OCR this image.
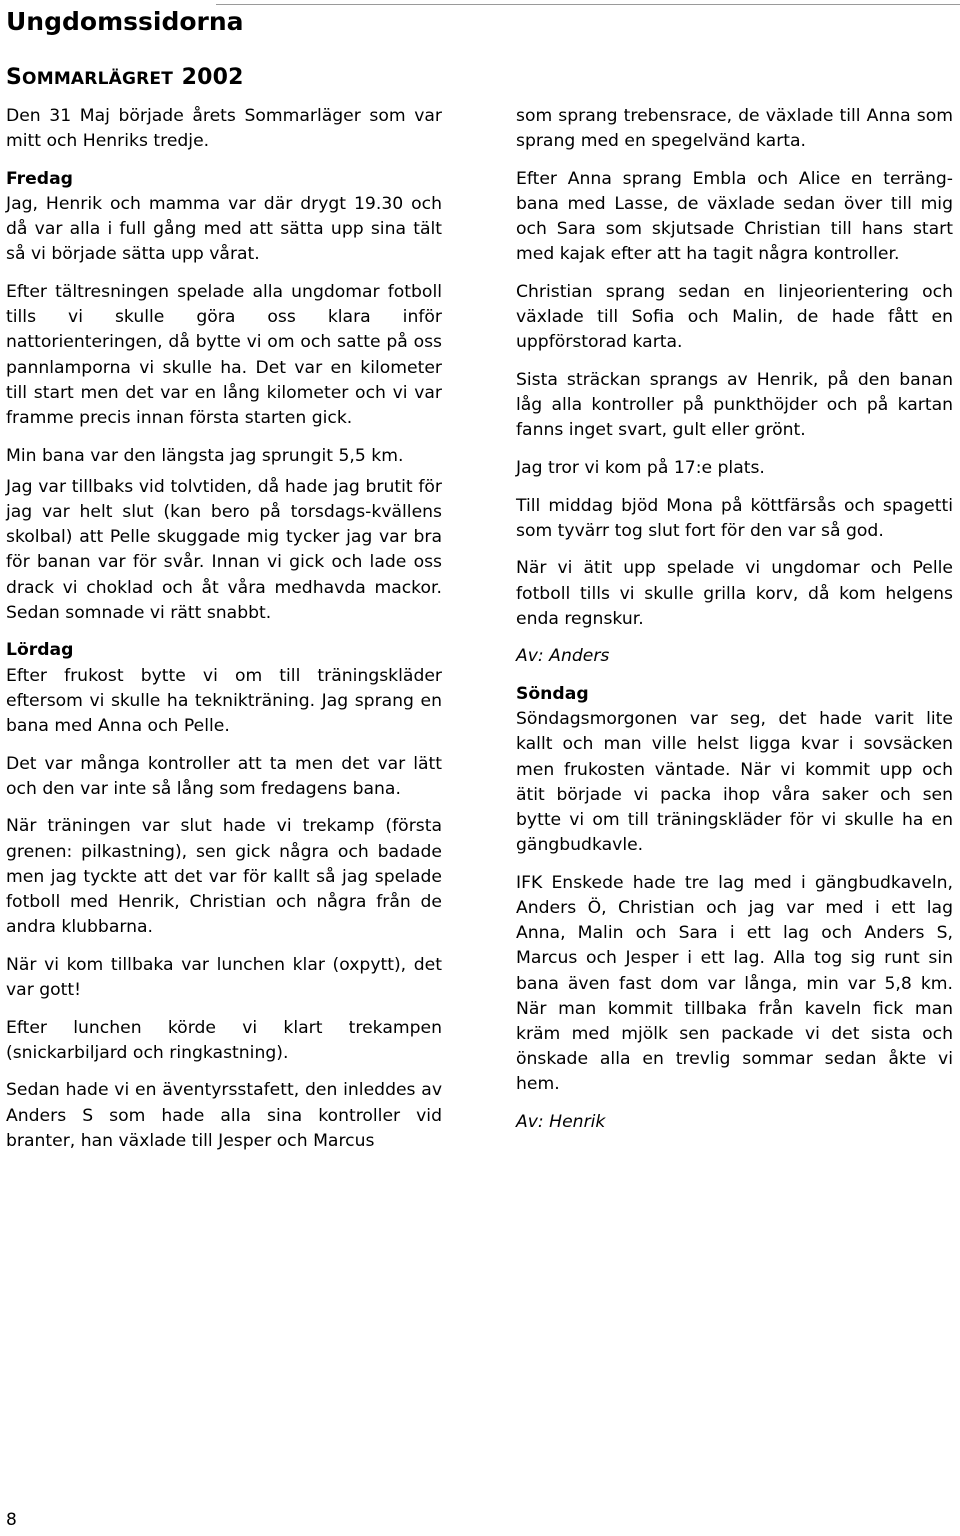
Ungdomssidorna
SOMMARLÄGRET 2002

Den 31 Maj började årets Sommarläger som var mitt och Henriks tredje.

Fredag
Jag, Henrik och mamma var där drygt 19.30 och då var alla i full gång med att sätta upp sina tält så vi började sätta upp vårat.

Efter tältresningen spelade alla ungdomar fotboll tills vi skulle göra oss klara inför nattorienteringen, då bytte vi om och satte på oss pannlamporna vi skulle ha. Det var en kilometer till start men det var en lång kilometer och vi var framme precis innan första starten gick.

Min bana var den längsta jag sprungit 5,5 km.

Jag var tillbaks vid tolvtiden, då hade jag brutit för jag var helt slut (kan bero på torsdags-kvällens skolbal) att Pelle skuggade mig tycker jag var bra för banan var för svår. Innan vi gick och lade oss drack vi choklad och åt våra medhavda mackor. Sedan somnade vi rätt snabbt.

Lördag
Efter frukost bytte vi om till träningskläder eftersom vi skulle ha teknikträning. Jag sprang en bana med Anna och Pelle.

Det var många kontroller att ta men det var lätt och den var inte så lång som fredagens bana.

När träningen var slut hade vi trekamp (första grenen: pilkastning), sen gick några och badade men jag tyckte att det var för kallt så jag spelade fotboll med Henrik, Christian och några från de andra klubbarna.

När vi kom tillbaka var lunchen klar (oxpytt), det var gott!

Efter lunchen körde vi klart trekampen (snickarbiljard och ringkastning).

Sedan hade vi en äventyrsstafett, den inleddes av Anders S som hade alla sina kontroller vid branter, han växlade till Jesper och Marcus

som sprang trebensrace, de växlade till Anna som sprang med en spegelvänd karta.

Efter Anna sprang Embla och Alice en terräng-bana med Lasse, de växlade sedan över till mig och Sara som skjutsade Christian till hans start med kajak efter att ha tagit några kontroller.

Christian sprang sedan en linjeorientering och växlade till Sofia och Malin, de hade fått en uppförstorad karta.

Sista sträckan sprangs av Henrik, på den banan låg alla kontroller på punkthöjder och på kartan fanns inget svart, gult eller grönt.

Jag tror vi kom på 17:e plats.

Till middag bjöd Mona på köttfärsås och spagetti som tyvärr tog slut fort för den var så god.

När vi ätit upp spelade vi ungdomar och Pelle fotboll tills vi skulle grilla korv, då kom helgens enda regnskur.

Av: Anders

Söndag
Söndagsmorgonen var seg, det hade varit lite kallt och man ville helst ligga kvar i sovsäcken men frukosten väntade. När vi kommit upp och ätit började vi packa ihop våra saker och sen bytte vi om till träningskläder för vi skulle ha en gängbudkavle.

IFK Enskede hade tre lag med i gängbudkaveln, Anders Ö, Christian och jag var med i ett lag Anna, Malin och Sara i ett lag och Anders S, Marcus och Jesper i ett lag. Alla tog sig runt sin bana även fast dom var långa, min var 5,8 km. När man kommit tillbaka från kaveln fick man kräm med mjölk sen packade vi det sista och önskade alla en trevlig sommar sedan åkte vi hem.

Av: Henrik

8
